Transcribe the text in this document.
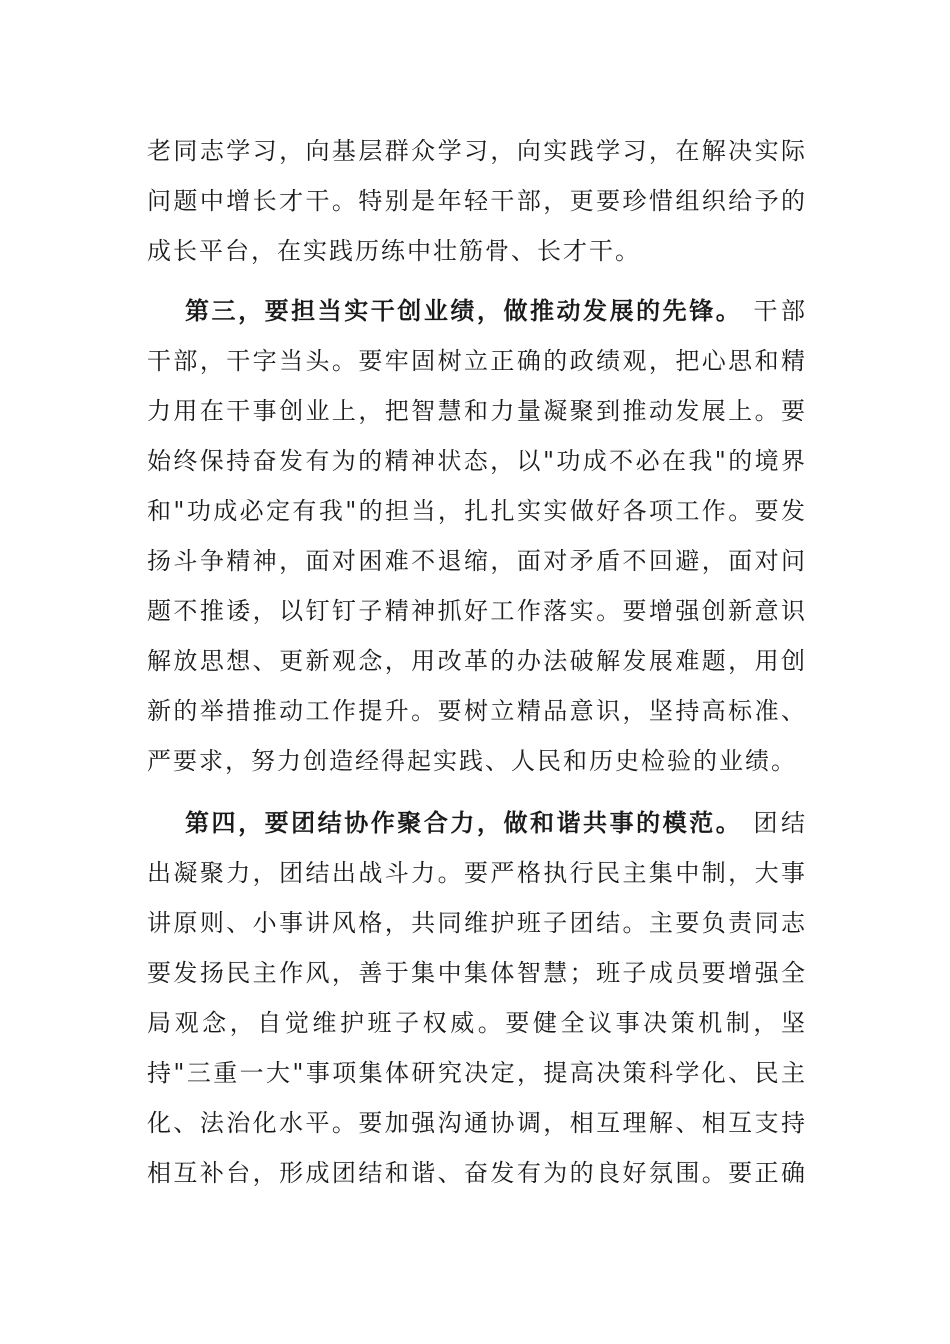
老同志学习，向基层群众学习，向实践学习，在解决实际
问题中增长才干。特别是年轻干部，更要珍惜组织给予的
成长平台，在实践历练中壮筋骨、长才干。
第三，要担当实干创业绩，做推动发展的先锋。 干部
干部，干字当头。要牢固树立正确的政绩观，把心思和精
力用在干事创业上，把智慧和力量凝聚到推动发展上。要
始终保持奋发有为的精神状态，以"功成不必在我"的境界
和"功成必定有我"的担当，扎扎实实做好各项工作。要发
扬斗争精神，面对困难不退缩，面对矛盾不回避，面对问
题不推诿，以钉钉子精神抓好工作落实。要增强创新意识
解放思想、更新观念，用改革的办法破解发展难题，用创
新的举措推动工作提升。要树立精品意识，坚持高标准、
严要求，努力创造经得起实践、人民和历史检验的业绩。
第四，要团结协作聚合力，做和谐共事的模范。 团结
出凝聚力，团结出战斗力。要严格执行民主集中制，大事
讲原则、小事讲风格，共同维护班子团结。主要负责同志
要发扬民主作风，善于集中集体智慧；班子成员要增强全
局观念，自觉维护班子权威。要健全议事决策机制，坚
持"三重一大"事项集体研究决定，提高决策科学化、民主
化、法治化水平。要加强沟通协调，相互理解、相互支持
相互补台，形成团结和谐、奋发有为的良好氛围。要正确
